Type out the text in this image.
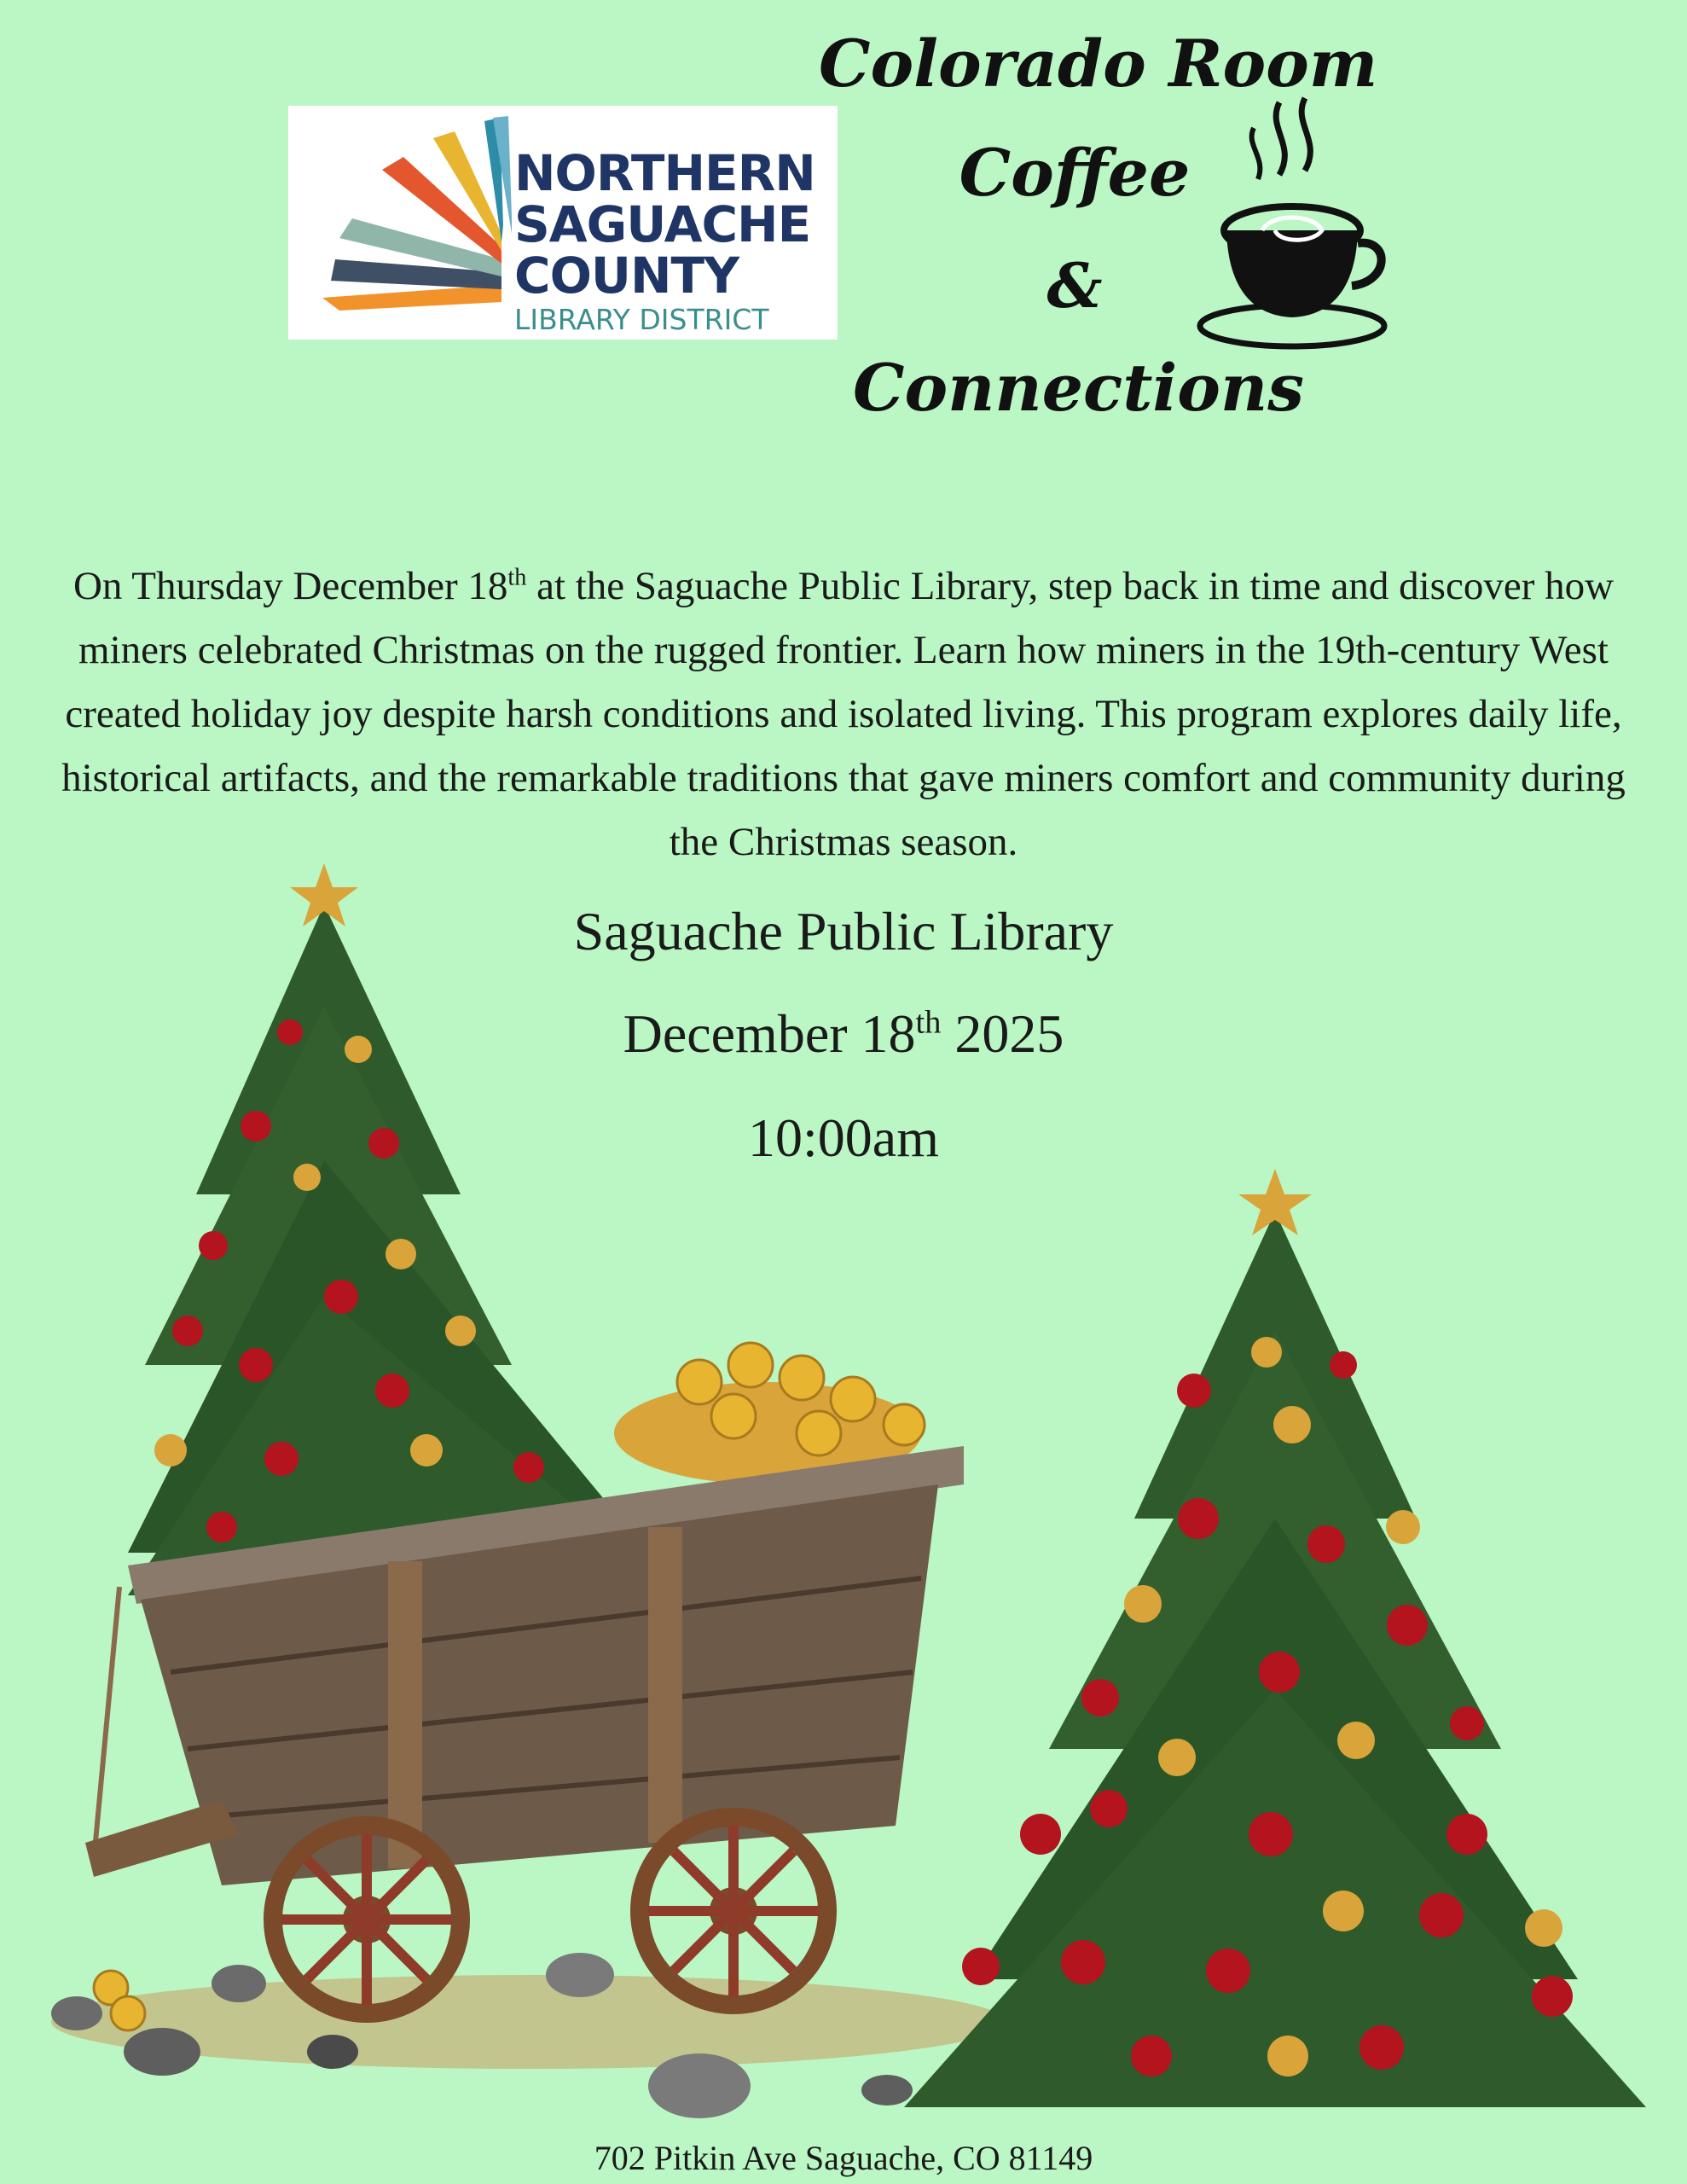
NORTHERN
SAGUACHE
COUNTY
LIBRARY DISTRICT
Colorado Room
Coffee
&
Connections
On Thursday December 18th at the Saguache Public Library, step back in time and discover how miners celebrated Christmas on the rugged frontier. Learn how miners in the 19th-century West created holiday joy despite harsh conditions and isolated living. This program explores daily life, historical artifacts, and the remarkable traditions that gave miners comfort and community during the Christmas season.
Saguache Public Library
December 18th 2025
10:00am
702 Pitkin Ave Saguache, CO 81149
